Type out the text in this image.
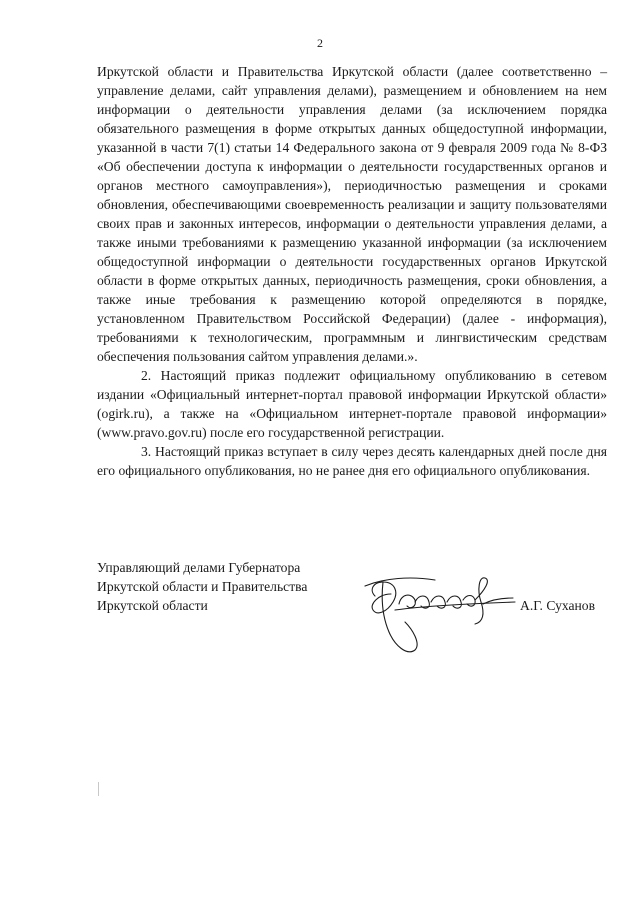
2

Иркутской области и Правительства Иркутской области (далее соответственно – управление делами, сайт управления делами), размещением и обновлением на нем информации о деятельности управления делами (за исключением порядка обязательного размещения в форме открытых данных общедоступной информации, указанной в части 7(1) статьи 14 Федерального закона от 9 февраля 2009 года № 8-ФЗ «Об обеспечении доступа к информации о деятельности государственных органов и органов местного самоуправления»), периодичностью размещения и сроками обновления, обеспечивающими своевременность реализации и защиту пользователями своих прав и законных интересов, информации о деятельности управления делами, а также иными требованиями к размещению указанной информации (за исключением общедоступной информации о деятельности государственных органов Иркутской области в форме открытых данных, периодичность размещения, сроки обновления, а также иные требования к размещению которой определяются в порядке, установленном Правительством Российской Федерации) (далее - информация), требованиями к технологическим, программным и лингвистическим средствам обеспечения пользования сайтом управления делами.».

2. Настоящий приказ подлежит официальному опубликованию в сетевом издании «Официальный интернет-портал правовой информации Иркутской области» (ogirk.ru), а также на «Официальном интернет-портале правовой информации» (www.pravo.gov.ru) после его государственной регистрации.

3. Настоящий приказ вступает в силу через десять календарных дней после дня его официального опубликования, но не ранее дня его официального опубликования.

Управляющий делами Губернатора
Иркутской области и Правительства
Иркутской области	А.Г. Суханов
